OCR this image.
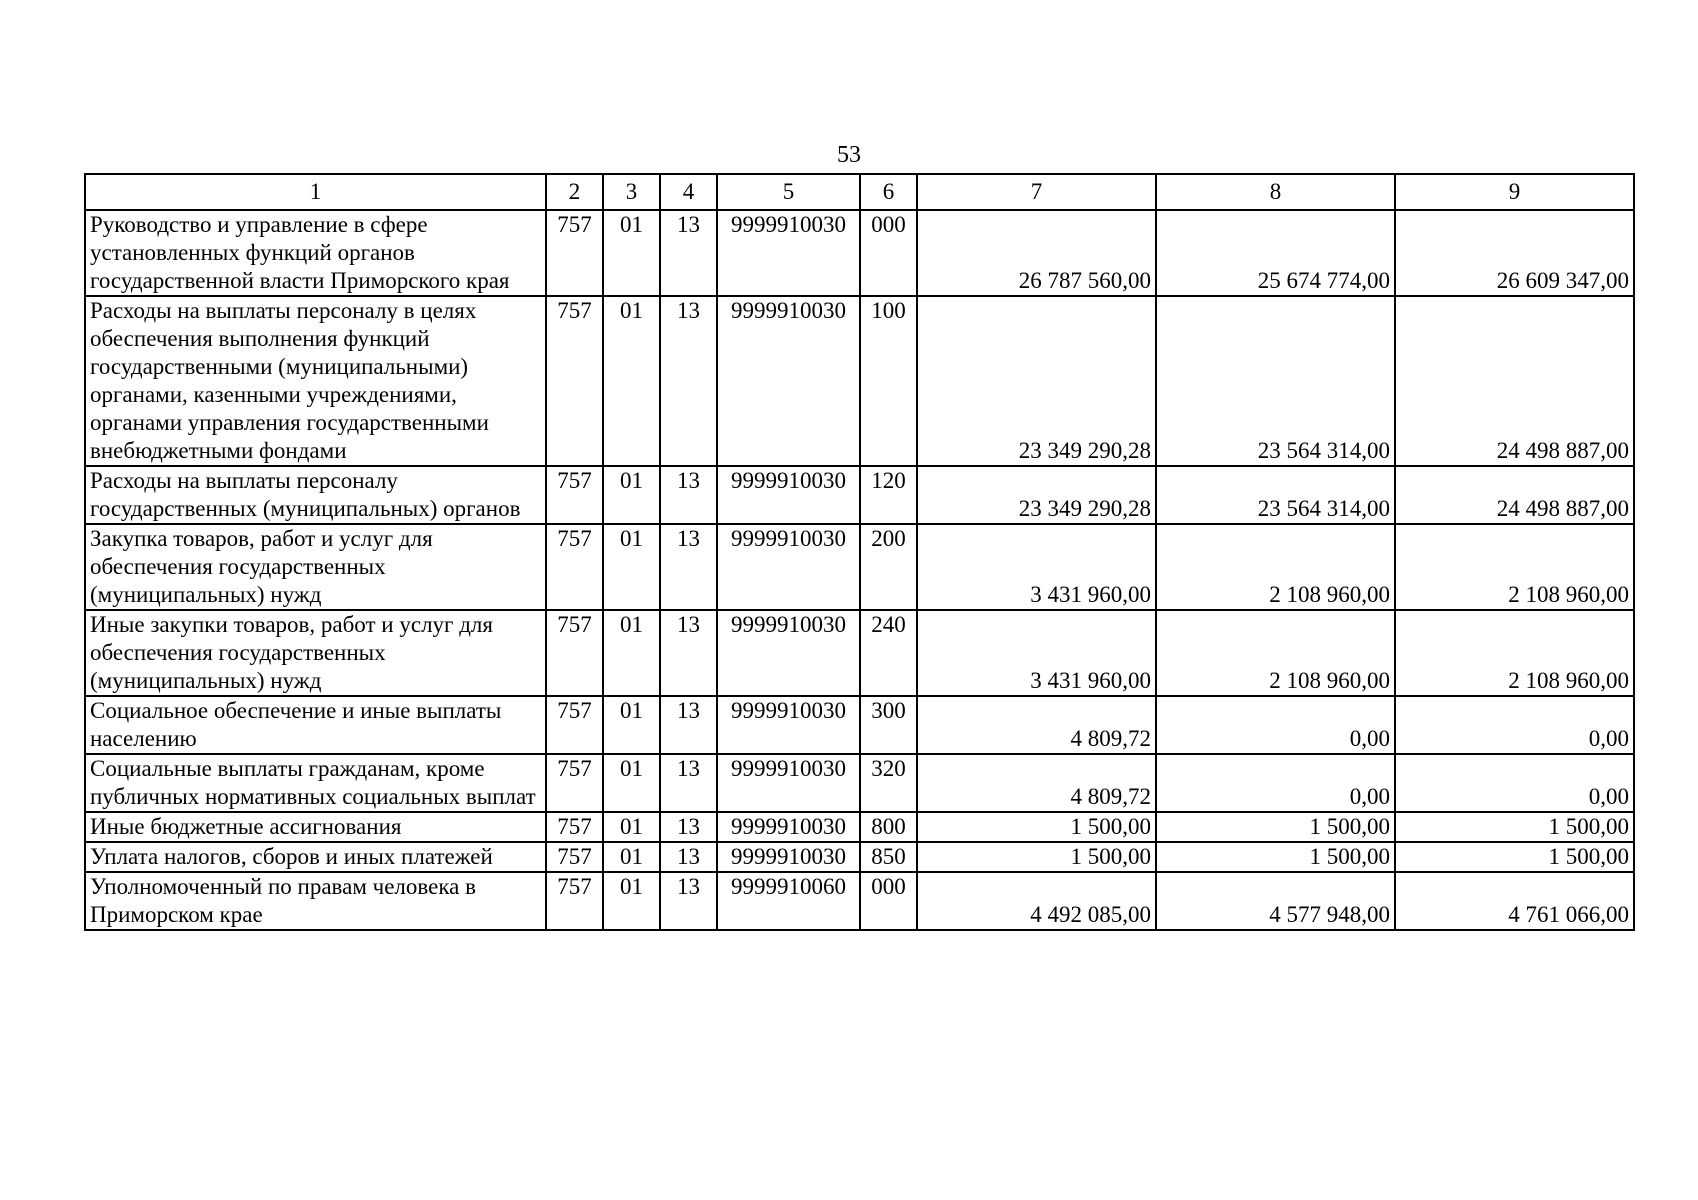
53
1	2	3	4	5	6	7	8	9
Руководство и управление в сфере установленных функций органов государственной власти Приморского края	757	01	13	9999910030	000	26 787 560,00	25 674 774,00	26 609 347,00
Расходы на выплаты персоналу в целях обеспечения выполнения функций государственными (муниципальными) органами, казенными учреждениями, органами управления государственными внебюджетными фондами	757	01	13	9999910030	100	23 349 290,28	23 564 314,00	24 498 887,00
Расходы на выплаты персоналу государственных (муниципальных) органов	757	01	13	9999910030	120	23 349 290,28	23 564 314,00	24 498 887,00
Закупка товаров, работ и услуг для обеспечения государственных (муниципальных) нужд	757	01	13	9999910030	200	3 431 960,00	2 108 960,00	2 108 960,00
Иные закупки товаров, работ и услуг для обеспечения государственных (муниципальных) нужд	757	01	13	9999910030	240	3 431 960,00	2 108 960,00	2 108 960,00
Социальное обеспечение и иные выплаты населению	757	01	13	9999910030	300	4 809,72	0,00	0,00
Социальные выплаты гражданам, кроме публичных нормативных социальных выплат	757	01	13	9999910030	320	4 809,72	0,00	0,00
Иные бюджетные ассигнования	757	01	13	9999910030	800	1 500,00	1 500,00	1 500,00
Уплата налогов, сборов и иных платежей	757	01	13	9999910030	850	1 500,00	1 500,00	1 500,00
Уполномоченный по правам человека в Приморском крае	757	01	13	9999910060	000	4 492 085,00	4 577 948,00	4 761 066,00
